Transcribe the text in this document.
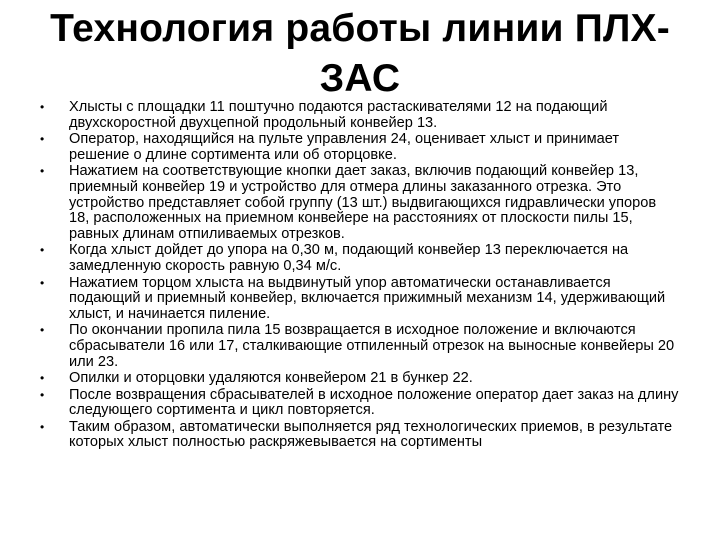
Технология работы линии ПЛХ-ЗАС
• Хлысты с площадки 11 поштучно подаются растаскивателями 12 на подающий двухскоростной двухцепной продольный конвейер 13.
• Оператор, находящийся на пульте управления 24, оценивает хлыст и принимает решение о длине сортимента или об оторцовке.
• Нажатием на соответствующие кнопки дает заказ, включив подающий конвейер 13, приемный конвейер 19 и устройство для отмера длины заказанного отрезка. Это устройство представляет собой группу (13 шт.) выдвигающихся гидравлически упоров 18, расположенных на приемном конвейере на расстояниях от плоскости пилы 15, равных длинам отпиливаемых отрезков.
• Когда хлыст дойдет до упора на 0,30 м, подающий конвейер 13 переключается на замедленную скорость равную 0,34 м/с.
• Нажатием торцом хлыста на выдвинутый упор автоматически останавливается подающий и приемный конвейер, включается прижимный механизм 14, удерживающий хлыст, и начинается пиление.
• По окончании пропила пила 15 возвращается в исходное положение и включаются сбрасыватели 16 или 17, сталкивающие отпиленный отрезок на выносные конвейеры 20 или 23.
• Опилки и оторцовки удаляются конвейером 21 в бункер 22.
• После возвращения сбрасывателей в исходное положение оператор дает заказ на длину следующего сортимента и цикл повторяется.
• Таким образом, автоматически выполняется ряд технологических приемов, в результате которых хлыст полностью раскряжевывается на сортименты
